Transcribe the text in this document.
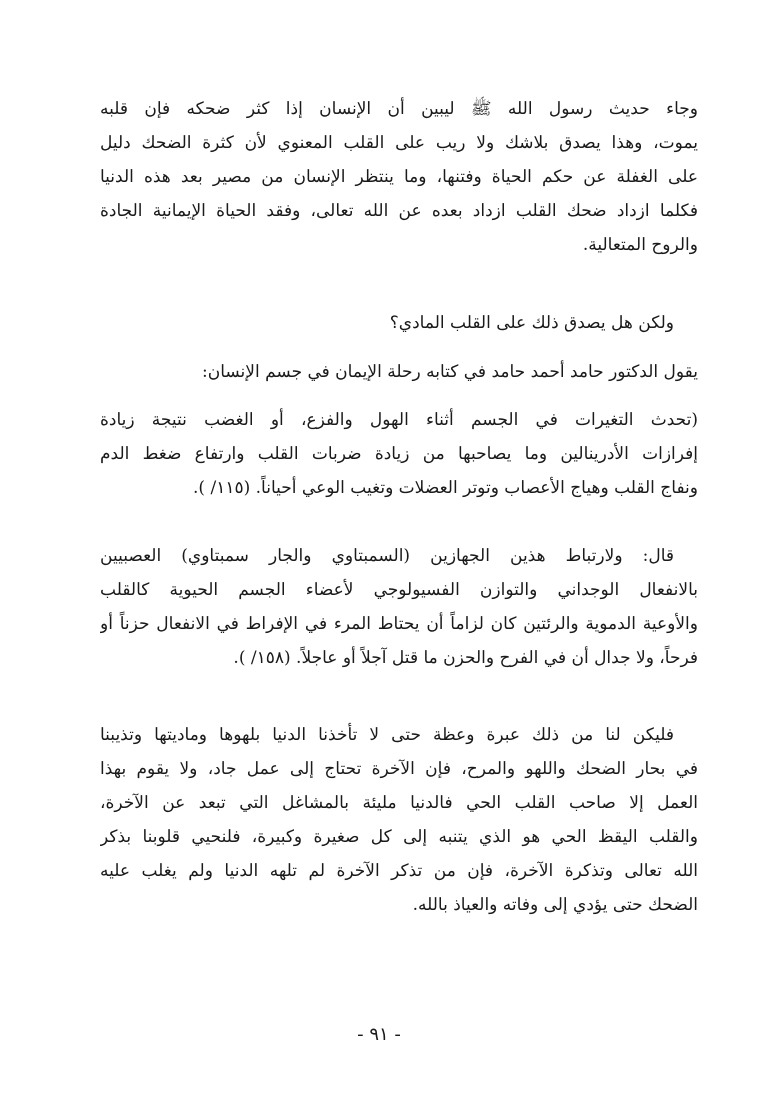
وجاء حديث رسول الله ﷺ ليبين أن الإنسان إذا كثر ضحكه فإن قلبه
يموت، وهذا يصدق بلاشك ولا ريب على القلب المعنوي لأن كثرة الضحك دليل
على الغفلة عن حكم الحياة وفتنها، وما ينتظر الإنسان من مصير بعد هذه الدنيا
فكلما ازداد ضحك القلب ازداد بعده عن الله تعالى، وفقد الحياة الإيمانية الجادة
والروح المتعالية.
ولكن هل يصدق ذلك على القلب المادي؟
يقول الدكتور حامد أحمد حامد في كتابه رحلة الإيمان في جسم الإنسان:
(تحدث التغيرات في الجسم أثناء الهول والفزع، أو الغضب نتيجة زيادة
إفرازات الأدرينالين وما يصاحبها من زيادة ضربات القلب وارتفاع ضغط الدم
ونفاج القلب وهياج الأعصاب وتوتر العضلات وتغيب الوعي أحياناً. (١١٥/ ).
قال: ولارتباط هذين الجهازين (السمبتاوي والجار سمبتاوي) العصبيين
بالانفعال الوجداني والتوازن الفسيولوجي لأعضاء الجسم الحيوية كالقلب
والأوعية الدموية والرئتين كان لزاماً أن يحتاط المرء في الإفراط في الانفعال حزناً أو
فرحاً، ولا جدال أن في الفرح والحزن ما قتل آجلاً أو عاجلاً. (١٥٨/ ).
فليكن لنا من ذلك عبرة وعظة حتى لا تأخذنا الدنيا بلهوها وماديتها وتذيبنا
في بحار الضحك واللهو والمرح، فإن الآخرة تحتاج إلى عمل جاد، ولا يقوم بهذا
العمل إلا صاحب القلب الحي فالدنيا مليئة بالمشاغل التي تبعد عن الآخرة،
والقلب اليقظ الحي هو الذي يتنبه إلى كل صغيرة وكبيرة، فلنحيي قلوبنا بذكر
الله تعالى وتذكرة الآخرة، فإن من تذكر الآخرة لم تلهه الدنيا ولم يغلب عليه
الضحك حتى يؤدي إلى وفاته والعياذ بالله.
- ٩١ -
